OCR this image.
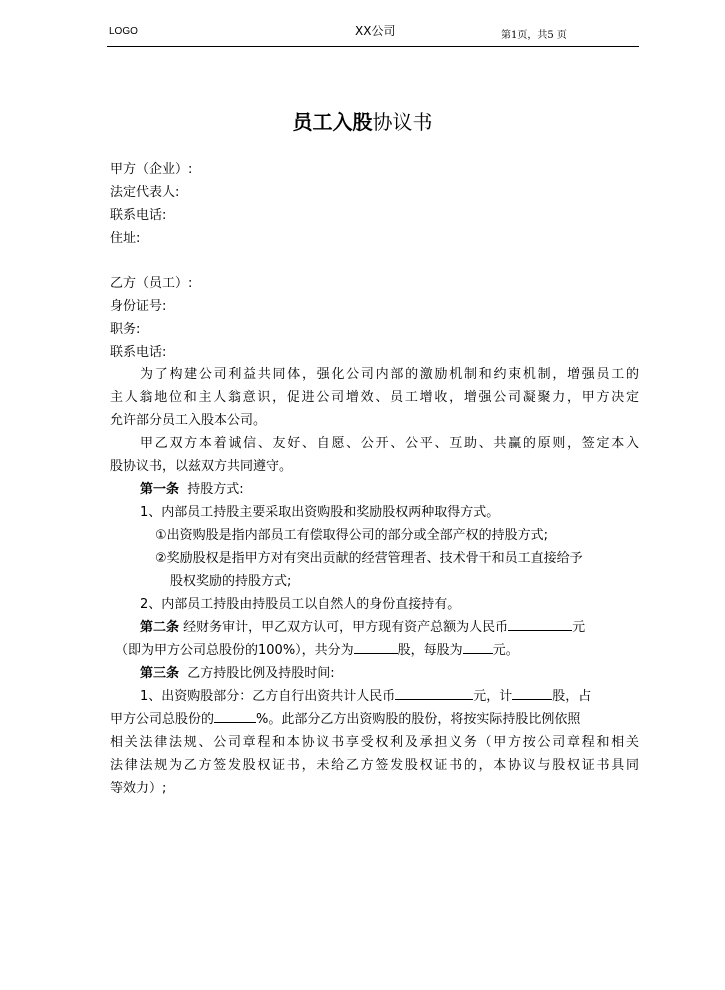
LOGO	XX公司	第1页，共5 页
员工入股协议书
甲方（企业）:
法定代表人:
联系电话:
住址:
乙方（员工）:
身份证号:
职务:
联系电话:
为了构建公司利益共同体，强化公司内部的激励机制和约束机制，增强员工的
主人翁地位和主人翁意识，促进公司增效、员工增收，增强公司凝聚力，甲方决定
允许部分员工入股本公司。
甲乙双方本着诚信、友好、自愿、公开、公平、互助、共赢的原则，签定本入
股协议书，以兹双方共同遵守。
第一条 持股方式:
1、内部员工持股主要采取出资购股和奖励股权两种取得方式。
①出资购股是指内部员工有偿取得公司的部分或全部产权的持股方式;
②奖励股权是指甲方对有突出贡献的经营管理者、技术骨干和员工直接给予
股权奖励的持股方式;
2、内部员工持股由持股员工以自然人的身份直接持有。
第二条 经财务审计，甲乙双方认可，甲方现有资产总额为人民币	元
（即为甲方公司总股份的100%），共分为	股，每股为 元。
第三条 乙方持股比例及持股时间:
1、出资购股部分：乙方自行出资共计人民币	元，计	股，占
甲方公司总股份的	%。此部分乙方出资购股的股份，将按实际持股比例依照
相关法律法规、公司章程和本协议书享受权利及承担义务（甲方按公司章程和相关
法律法规为乙方签发股权证书，未给乙方签发股权证书的，本协议与股权证书具同
等效力）;
